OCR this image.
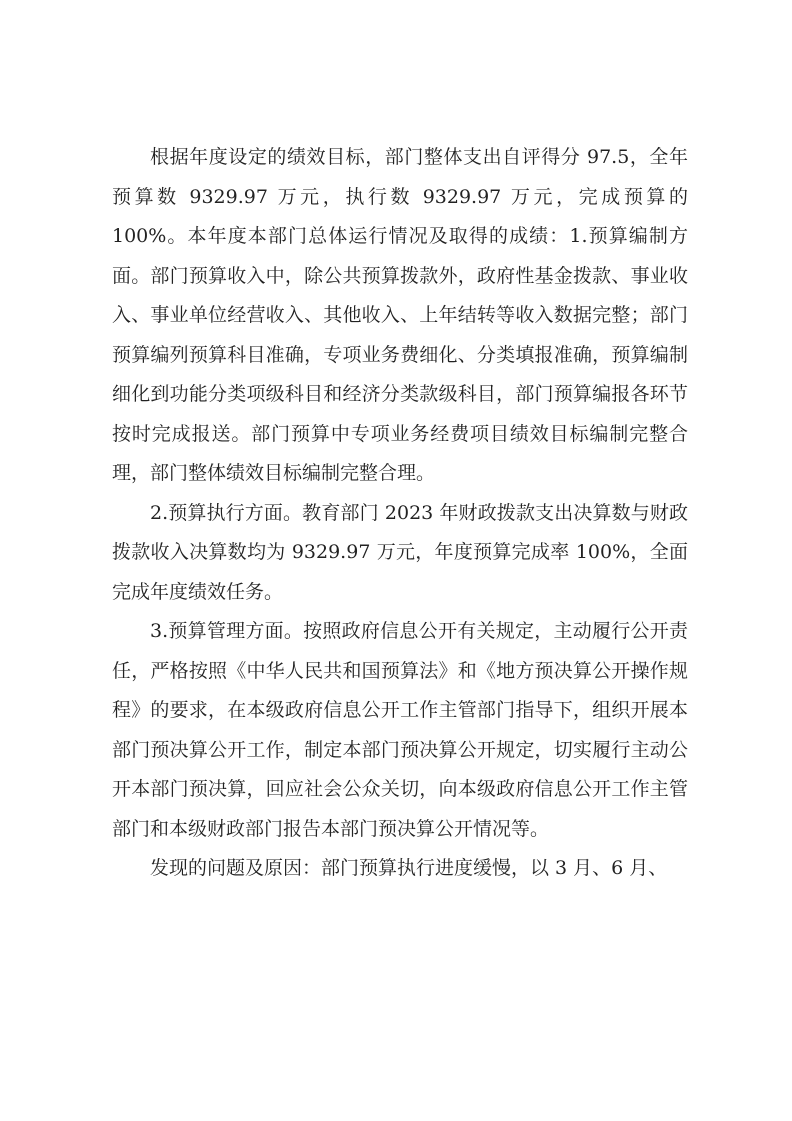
根据年度设定的绩效目标，部门整体支出自评得分 97.5，全年预算数 9329.97 万元，执行数 9329.97 万元，完成预算的 100%。本年度本部门总体运行情况及取得的成绩：1.预算编制方面。部门预算收入中，除公共预算拨款外，政府性基金拨款、事业收入、事业单位经营收入、其他收入、上年结转等收入数据完整；部门预算编列预算科目准确，专项业务费细化、分类填报准确，预算编制细化到功能分类项级科目和经济分类款级科目，部门预算编报各环节按时完成报送。部门预算中专项业务经费项目绩效目标编制完整合理，部门整体绩效目标编制完整合理。

2.预算执行方面。教育部门 2023 年财政拨款支出决算数与财政拨款收入决算数均为 9329.97 万元，年度预算完成率 100%，全面完成年度绩效任务。

3.预算管理方面。按照政府信息公开有关规定，主动履行公开责任，严格按照《中华人民共和国预算法》和《地方预决算公开操作规程》的要求，在本级政府信息公开工作主管部门指导下，组织开展本部门预决算公开工作，制定本部门预决算公开规定，切实履行主动公开本部门预决算，回应社会公众关切，向本级政府信息公开工作主管部门和本级财政部门报告本部门预决算公开情况等。

发现的问题及原因：部门预算执行进度缓慢，以 3 月、6 月、
